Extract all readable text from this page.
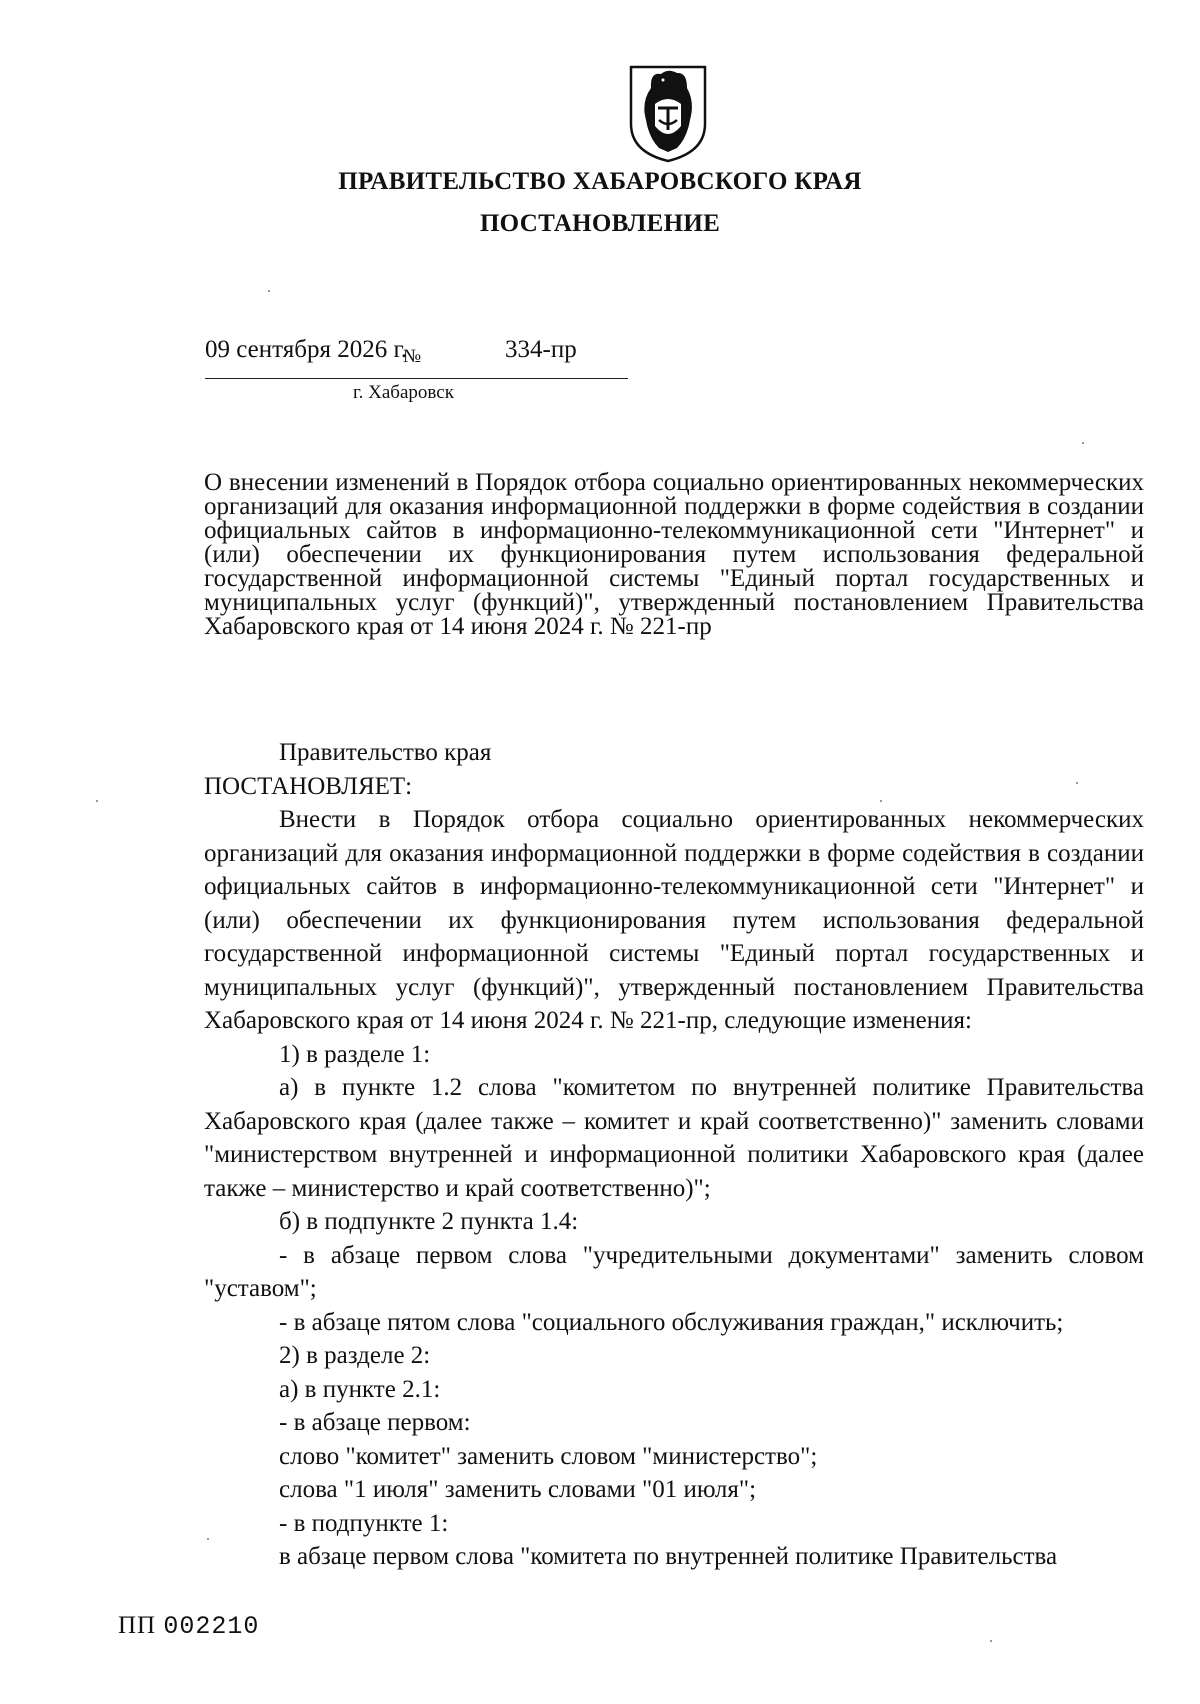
ПРАВИТЕЛЬСТВО ХАБАРОВСКОГО КРАЯ
ПОСТАНОВЛЕНИЕ
09 сентября 2026 г.
№	334-пр
г. Хабаровск
О внесении изменений в Порядок отбора социально ориентированных некоммерческих организаций для оказания информационной поддержки в форме содействия в создании официальных сайтов в информационно-телекоммуникационной сети "Интернет" и (или) обеспечении их функционирования путем использования федеральной государственной информационной системы "Единый портал государственных и муниципальных услуг (функций)", утвержденный постановлением Правительства Хабаровского края от 14 июня 2024 г. № 221-пр

Правительство края

ПОСТАНОВЛЯЕТ:

Внести в Порядок отбора социально ориентированных некоммерческих организаций для оказания информационной поддержки в форме содействия в создании официальных сайтов в информационно-телекоммуникационной сети "Интернет" и (или) обеспечении их функционирования путем использования федеральной государственной информационной системы "Единый портал государственных и муниципальных услуг (функций)", утвержденный постановлением Правительства Хабаровского края от 14 июня 2024 г. № 221-пр, следующие изменения:

1) в разделе 1:

а) в пункте 1.2 слова "комитетом по внутренней политике Правительства Хабаровского края (далее также – комитет и край соответственно)" заменить словами "министерством внутренней и информационной политики Хабаровского края (далее также – министерство и край соответственно)";

б) в подпункте 2 пункта 1.4:

- в абзаце первом слова "учредительными документами" заменить словом "уставом";

- в абзаце пятом слова "социального обслуживания граждан," исключить;

2) в разделе 2:

а) в пункте 2.1:

- в абзаце первом:

слово "комитет" заменить словом "министерство";

слова "1 июля" заменить словами "01 июля";

- в подпункте 1:

в абзаце первом слова "комитета по внутренней политике Правительства

ПП 002210
